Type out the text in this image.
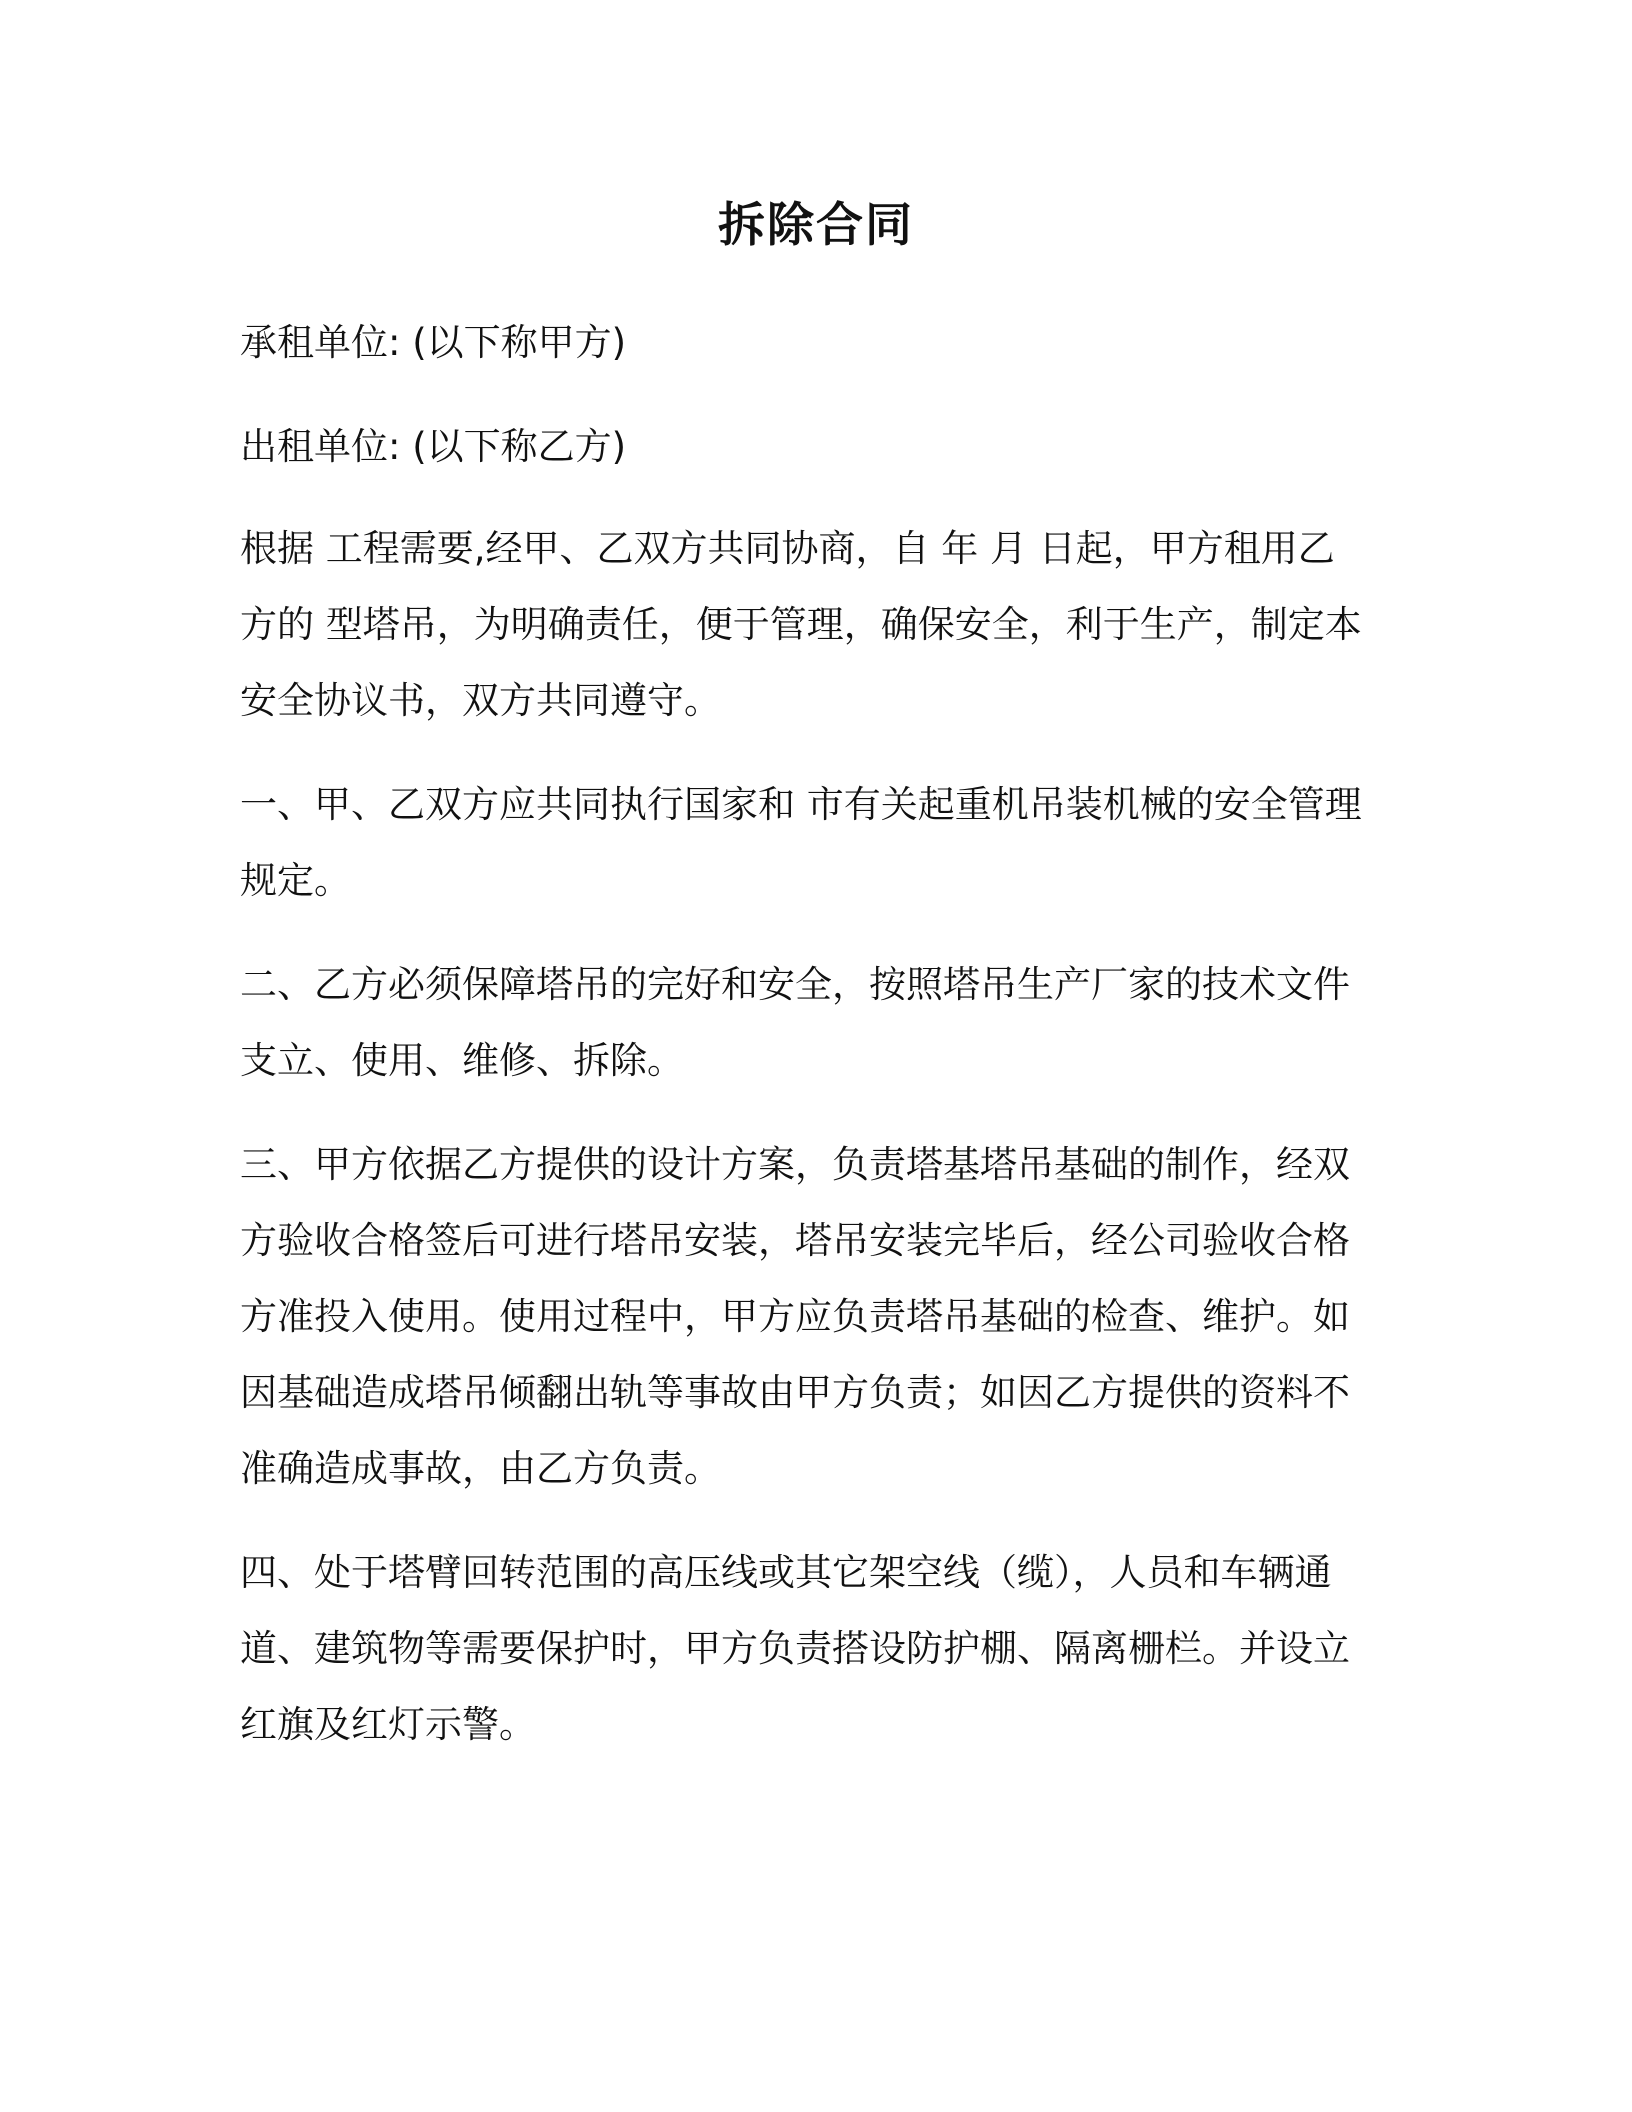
拆除合同
承租单位: (以下称甲方)
出租单位: (以下称乙方)
根据 工程需要,经甲、乙双方共同协商，自 年 月 日起，甲方租用乙
方的 型塔吊，为明确责任，便于管理，确保安全，利于生产，制定本
安全协议书，双方共同遵守。
一、甲、乙双方应共同执行国家和 市有关起重机吊装机械的安全管理
规定。
二、乙方必须保障塔吊的完好和安全，按照塔吊生产厂家的技术文件
支立、使用、维修、拆除。
三、甲方依据乙方提供的设计方案，负责塔基塔吊基础的制作，经双
方验收合格签后可进行塔吊安装，塔吊安装完毕后，经公司验收合格
方准投入使用。使用过程中，甲方应负责塔吊基础的检查、维护。如
因基础造成塔吊倾翻出轨等事故由甲方负责；如因乙方提供的资料不
准确造成事故，由乙方负责。
四、处于塔臂回转范围的高压线或其它架空线（缆），人员和车辆通
道、建筑物等需要保护时，甲方负责搭设防护棚、隔离栅栏。并设立
红旗及红灯示警。
